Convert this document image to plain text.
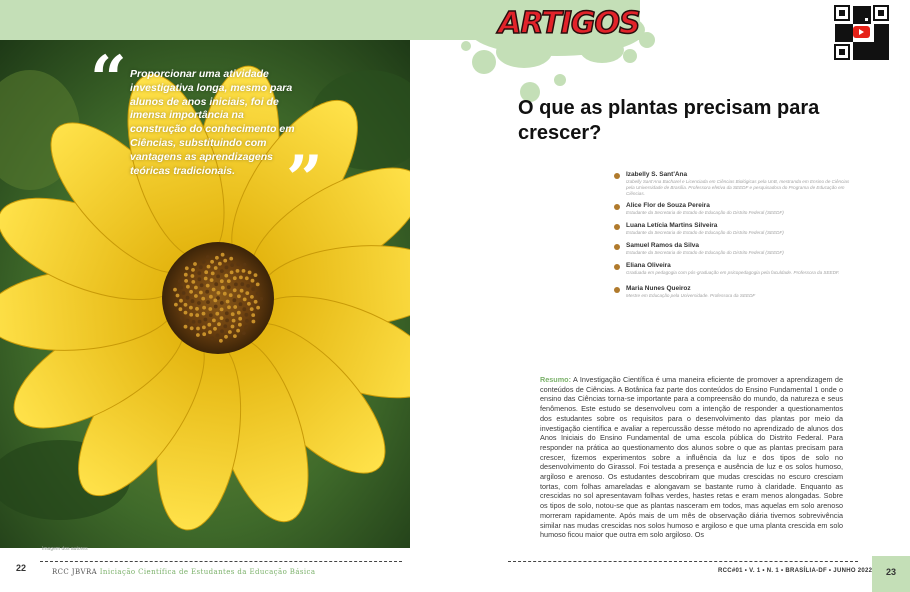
Imagem dos autores
“ Proporcionar uma atividade investigativa longa, mesmo para alunos de anos iniciais, foi de imensa importância na construção do conhecimento em Ciências, substituindo com vantagens as aprendizagens teóricas tradicionais. ”
ARTIGOS
O que as plantas precisam para crescer?
Izabelly S. Sant'Ana
Izabelly Sant'Ana Bacharel e Licenciada em Ciências Biológicas pela UnB, mestranda em Ensino de Ciências pela Universidade de Brasília. Professora efetiva da SEEDF e pesquisadora do Programa de Educação em Ciências.
Alice Flor de Souza Pereira
Estudante da Secretaria de Estado de Educação do Distrito Federal (SEEDF)
Luana Letícia Martins Silveira
Estudante da Secretaria de Estado de Educação do Distrito Federal (SEEDF)
Samuel Ramos da Silva
Estudante da Secretaria de Estado de Educação do Distrito Federal (SEEDF)
Eliana Oliveira
Graduada em pedagogia com pós-graduação em psicopedagogia pela faculdade. Professora da SEEDF.
Maria Nunes Queiroz
Mestre em Educação pela Universidade. Professora da SEEDF

Resumo: A Investigação Científica é uma maneira eficiente de promover a aprendizagem de conteúdos de Ciências. A Botânica faz parte dos conteúdos do Ensino Fundamental 1 onde o ensino das Ciências torna-se importante para a compreensão do mundo, da natureza e seus fenômenos. Este estudo se desenvolveu com a intenção de responder a questionamentos dos estudantes sobre os requisitos para o desenvolvimento das plantas por meio da investigação científica e avaliar a repercussão desse método no aprendizado de alunos dos Anos Iniciais do Ensino Fundamental de uma escola pública do Distrito Federal. Para responder na prática ao questionamento dos alunos sobre o que as plantas precisam para crescer, fizemos experimentos sobre a influência da luz e dos tipos de solo no desenvolvimento do Girassol. Foi testada a presença e ausência de luz e os solos humoso, argiloso e arenoso. Os estudantes descobriram que mudas crescidas no escuro cresciam tortas, com folhas amareladas e alongavam se bastante rumo à claridade. Enquanto as crescidas no sol apresentavam folhas verdes, hastes retas e eram menos alongadas. Sobre os tipos de solo, notou-se que as plantas nasceram em todos, mas aquelas em solo arenoso morreram rapidamente. Após mais de um mês de observação diária tivemos sobrevivência similar nas mudas crescidas nos solos humoso e argiloso e que uma planta crescida em solo humoso ficou maior que outra em solo argiloso. Os

22	RCC JBVRA Iniciação Científica de Estudantes da Educação Básica	RCC#01 • V. 1 • N. 1 • BRASÍLIA-DF • JUNHO 2022	23
